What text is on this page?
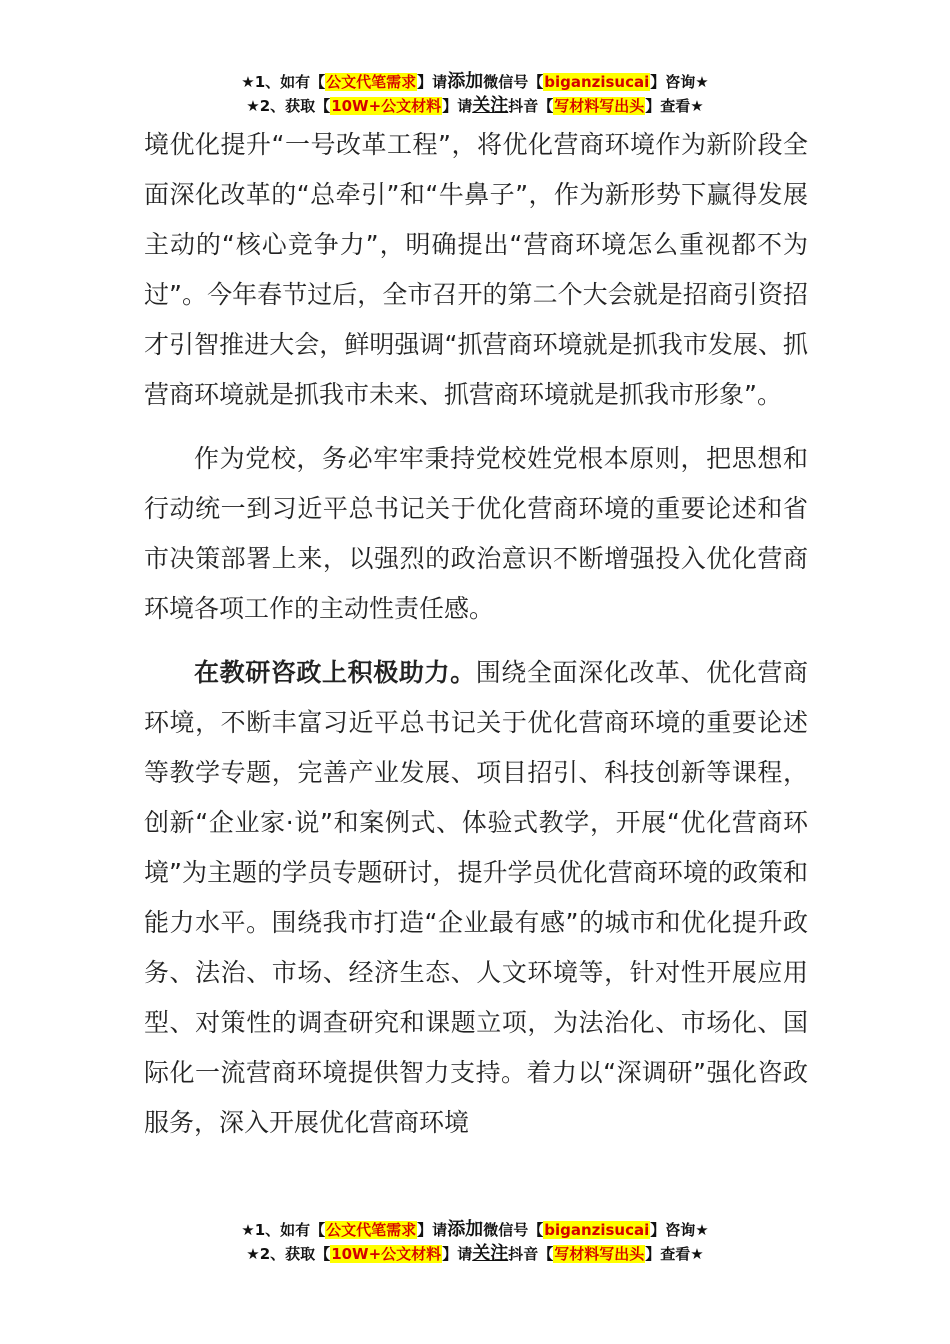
★1、如有【公文代笔需求】请添加微信号【biganzisucai】咨询★
★2、获取【10W+公文材料】请关注抖音【写材料写出头】查看★

境优化提升“一号改革工程”，将优化营商环境作为新阶段全面深化改革的“总牵引”和“牛鼻子”，作为新形势下赢得发展主动的“核心竞争力”，明确提出“营商环境怎么重视都不为过”。今年春节过后，全市召开的第二个大会就是招商引资招才引智推进大会，鲜明强调“抓营商环境就是抓我市发展、抓营商环境就是抓我市未来、抓营商环境就是抓我市形象”。

作为党校，务必牢牢秉持党校姓党根本原则，把思想和行动统一到习近平总书记关于优化营商环境的重要论述和省市决策部署上来，以强烈的政治意识不断增强投入优化营商环境各项工作的主动性责任感。

在教研咨政上积极助力。围绕全面深化改革、优化营商环境，不断丰富习近平总书记关于优化营商环境的重要论述等教学专题，完善产业发展、项目招引、科技创新等课程，创新“企业家·说”和案例式、体验式教学，开展“优化营商环境”为主题的学员专题研讨，提升学员优化营商环境的政策和能力水平。围绕我市打造“企业最有感”的城市和优化提升政务、法治、市场、经济生态、人文环境等，针对性开展应用型、对策性的调查研究和课题立项，为法治化、市场化、国际化一流营商环境提供智力支持。着力以“深调研”强化咨政服务，深入开展优化营商环境

★1、如有【公文代笔需求】请添加微信号【biganzisucai】咨询★
★2、获取【10W+公文材料】请关注抖音【写材料写出头】查看★
